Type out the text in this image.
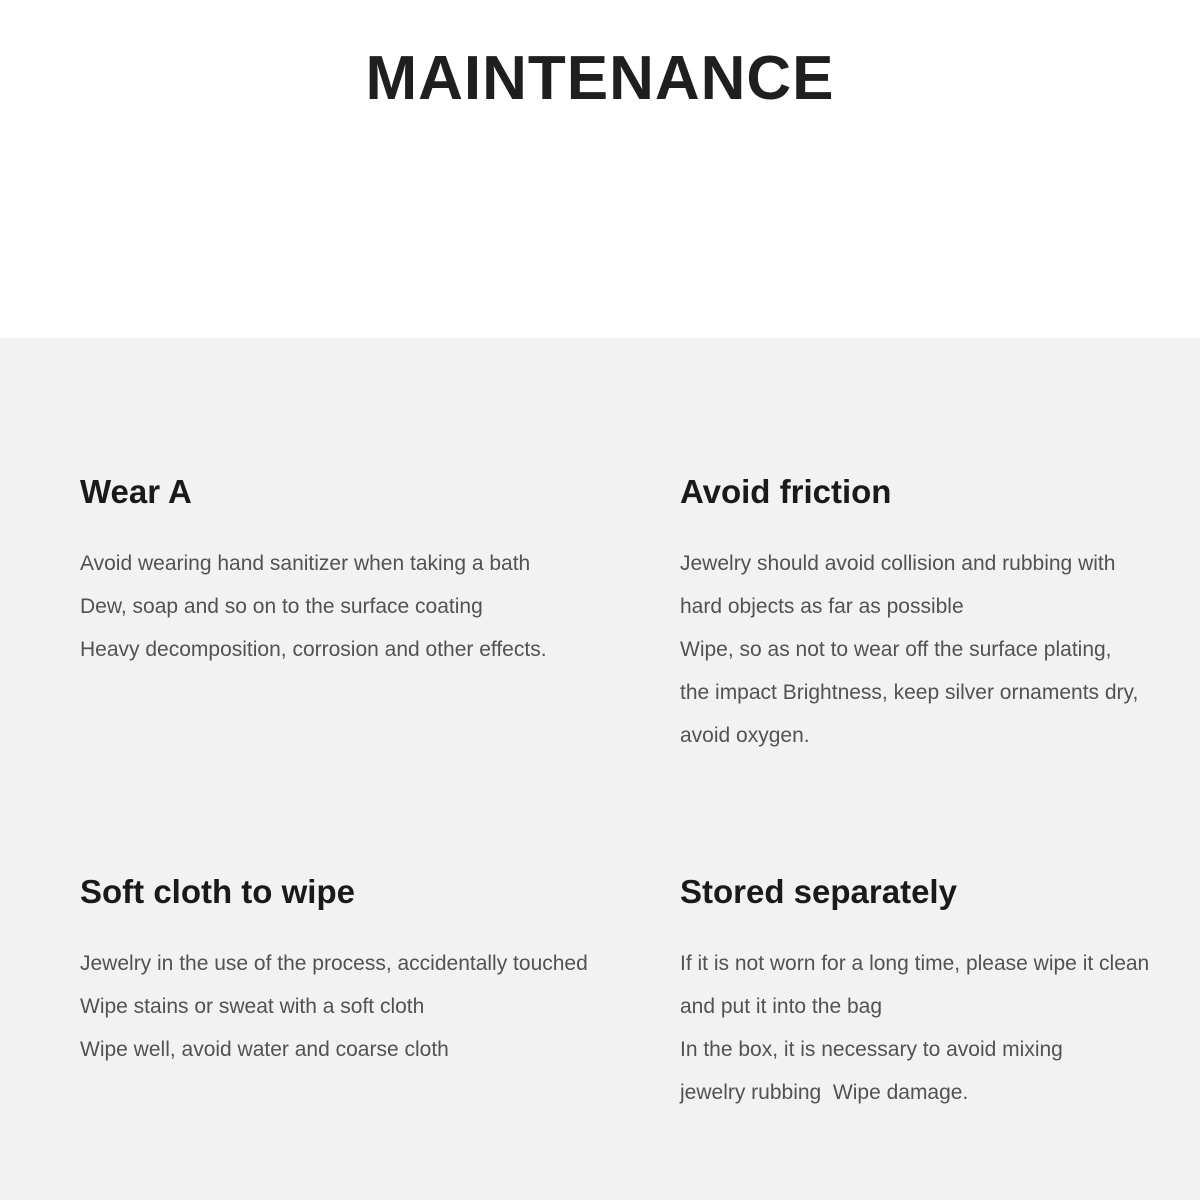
MAINTENANCE
Wear A
Avoid wearing hand sanitizer when taking a bath
Dew, soap and so on to the surface coating
Heavy decomposition, corrosion and other effects.
Avoid friction
Jewelry should avoid collision and rubbing with
hard objects as far as possible
Wipe, so as not to wear off the surface plating,
the impact Brightness, keep silver ornaments dry,
avoid oxygen.
Soft cloth to wipe
Jewelry in the use of the process, accidentally touched
Wipe stains or sweat with a soft cloth
Wipe well, avoid water and coarse cloth
Stored separately
If it is not worn for a long time, please wipe it clean
and put it into the bag
In the box, it is necessary to avoid mixing
jewelry rubbing  Wipe damage.
